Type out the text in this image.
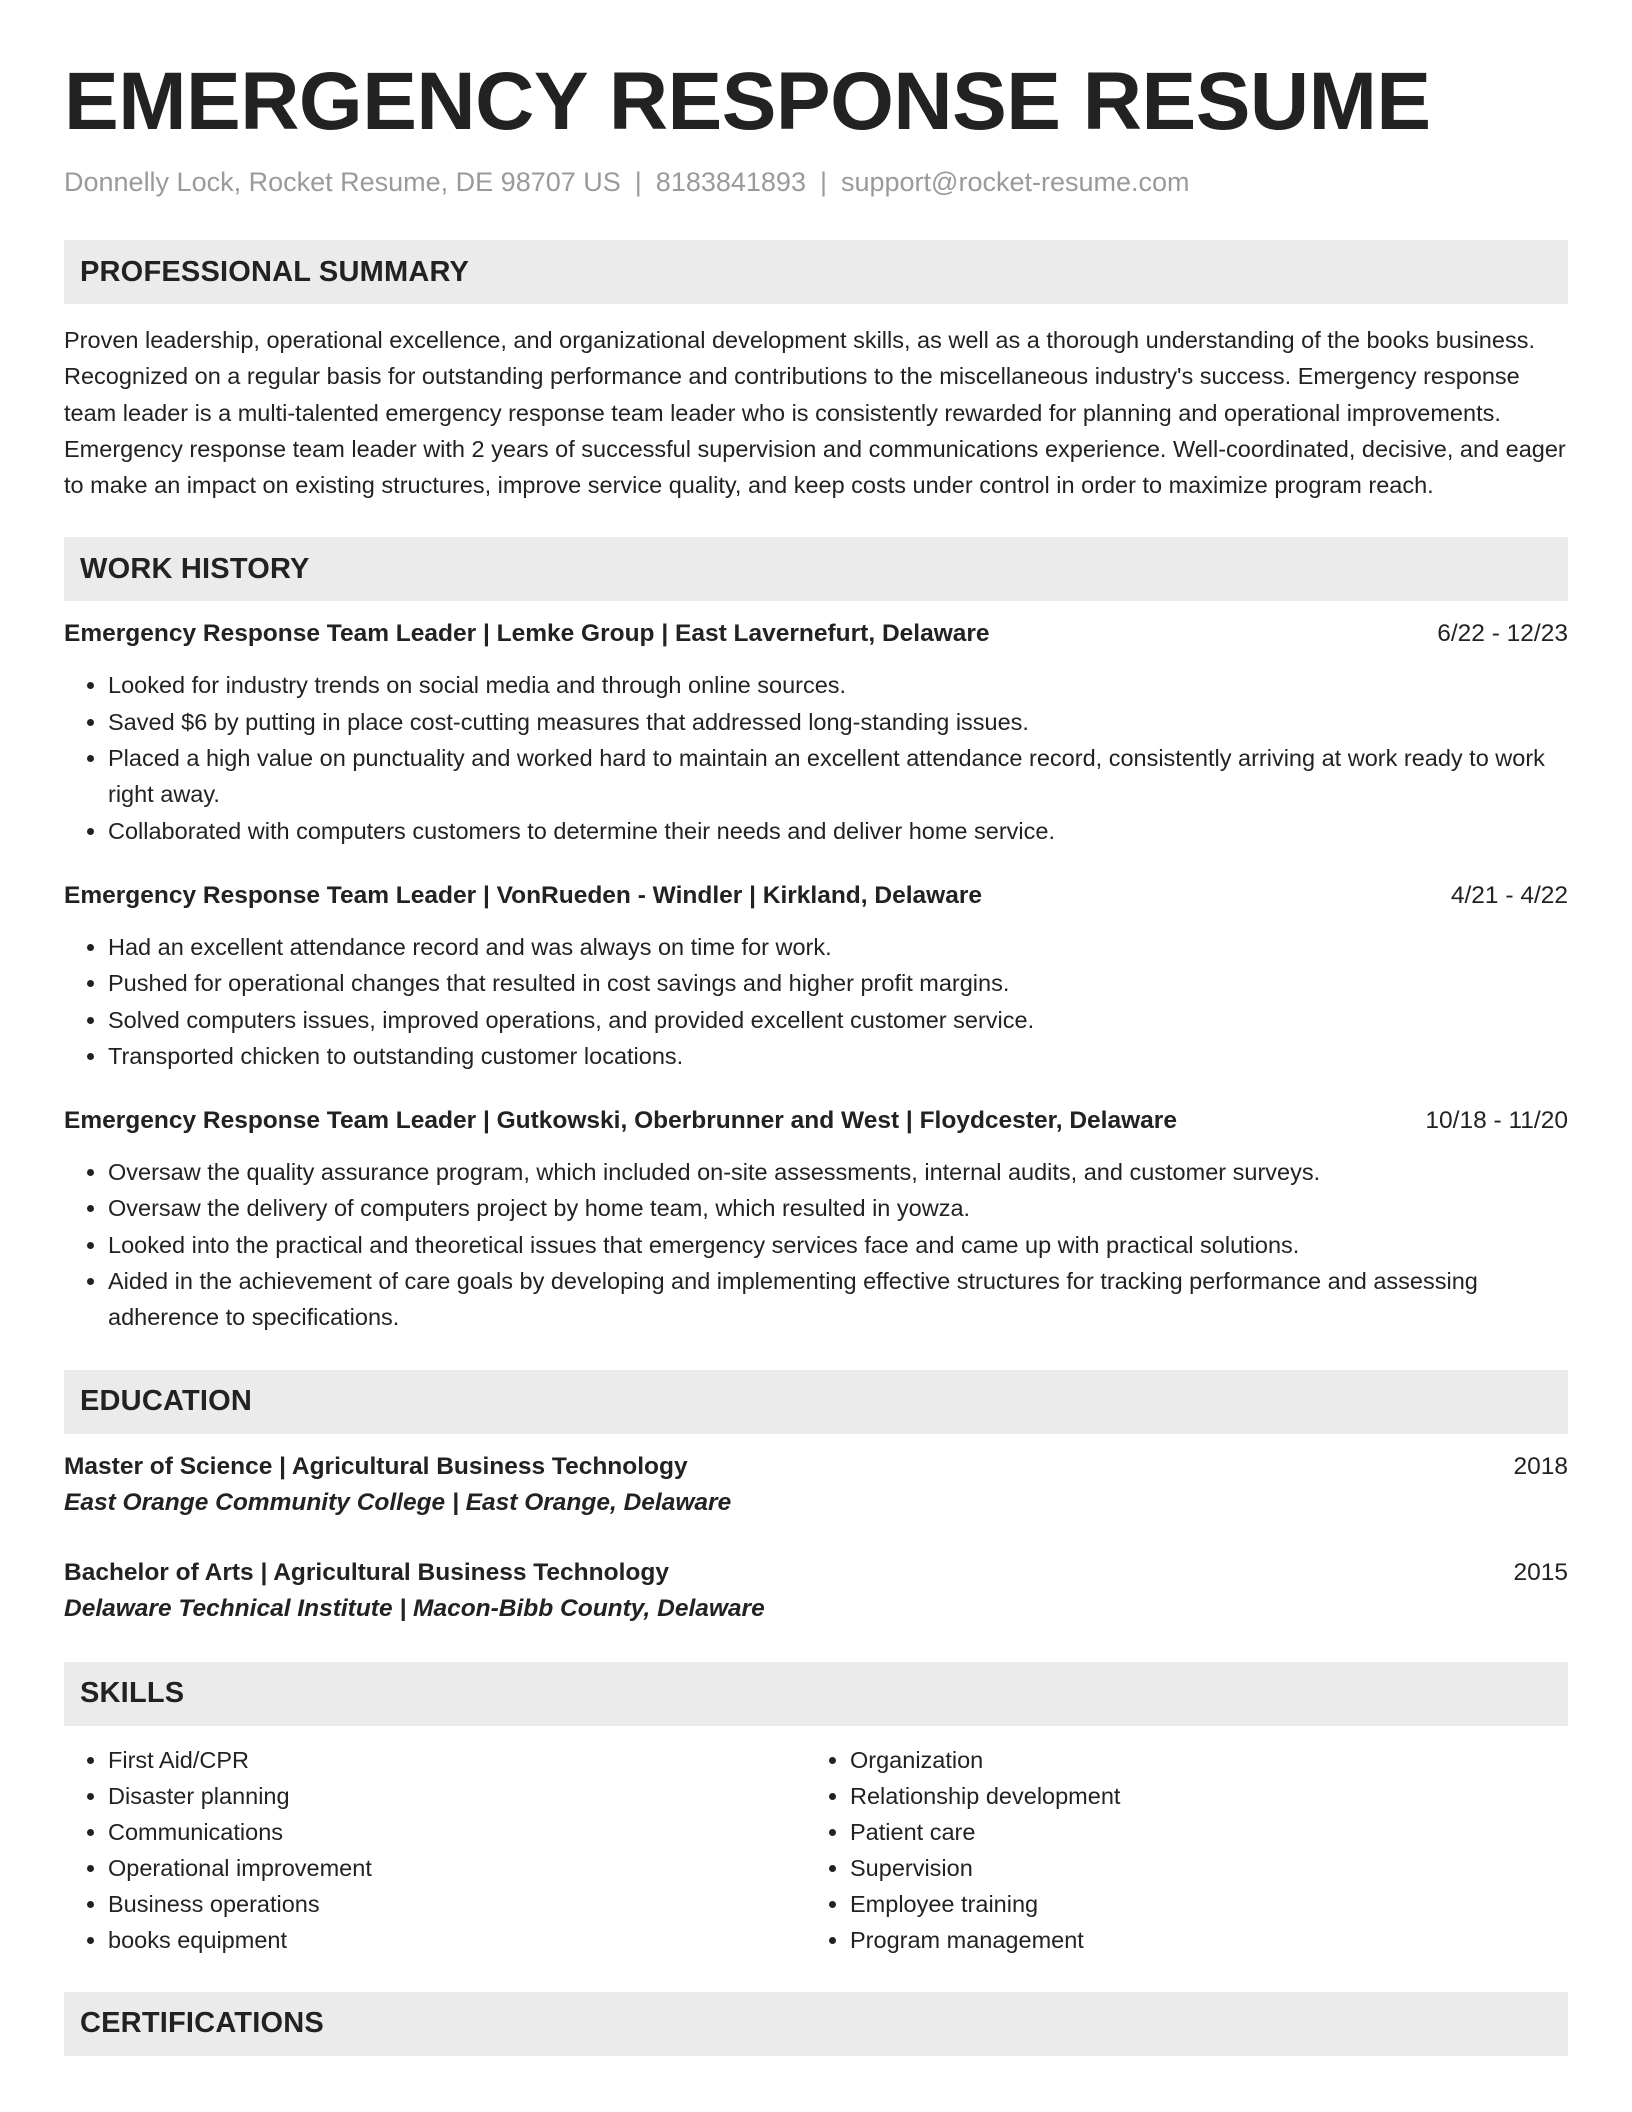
EMERGENCY RESPONSE RESUME
Donnelly Lock, Rocket Resume, DE 98707 US | 8183841893 | support@rocket-resume.com
PROFESSIONAL SUMMARY

Proven leadership, operational excellence, and organizational development skills, as well as a thorough understanding of the books business. Recognized on a regular basis for outstanding performance and contributions to the miscellaneous industry's success. Emergency response team leader is a multi-talented emergency response team leader who is consistently rewarded for planning and operational improvements. Emergency response team leader with 2 years of successful supervision and communications experience. Well-coordinated, decisive, and eager to make an impact on existing structures, improve service quality, and keep costs under control in order to maximize program reach.

WORK HISTORY
Emergency Response Team Leader | Lemke Group | East Lavernefurt, Delaware	6/22 - 12/23
• Looked for industry trends on social media and through online sources.
• Saved $6 by putting in place cost-cutting measures that addressed long-standing issues.
• Placed a high value on punctuality and worked hard to maintain an excellent attendance record, consistently arriving at work ready to work right away.
• Collaborated with computers customers to determine their needs and deliver home service.
Emergency Response Team Leader | VonRueden - Windler | Kirkland, Delaware	4/21 - 4/22
• Had an excellent attendance record and was always on time for work.
• Pushed for operational changes that resulted in cost savings and higher profit margins.
• Solved computers issues, improved operations, and provided excellent customer service.
• Transported chicken to outstanding customer locations.
Emergency Response Team Leader | Gutkowski, Oberbrunner and West | Floydcester, Delaware	10/18 - 11/20
• Oversaw the quality assurance program, which included on-site assessments, internal audits, and customer surveys.
• Oversaw the delivery of computers project by home team, which resulted in yowza.
• Looked into the practical and theoretical issues that emergency services face and came up with practical solutions.
• Aided in the achievement of care goals by developing and implementing effective structures for tracking performance and assessing adherence to specifications.
EDUCATION
Master of Science | Agricultural Business Technology	2018
East Orange Community College | East Orange, Delaware
Bachelor of Arts | Agricultural Business Technology	2015
Delaware Technical Institute | Macon-Bibb County, Delaware
SKILLS
• First Aid/CPR
• Disaster planning
• Communications
• Operational improvement
• Business operations
• books equipment
• Organization
• Relationship development
• Patient care
• Supervision
• Employee training
• Program management
CERTIFICATIONS
